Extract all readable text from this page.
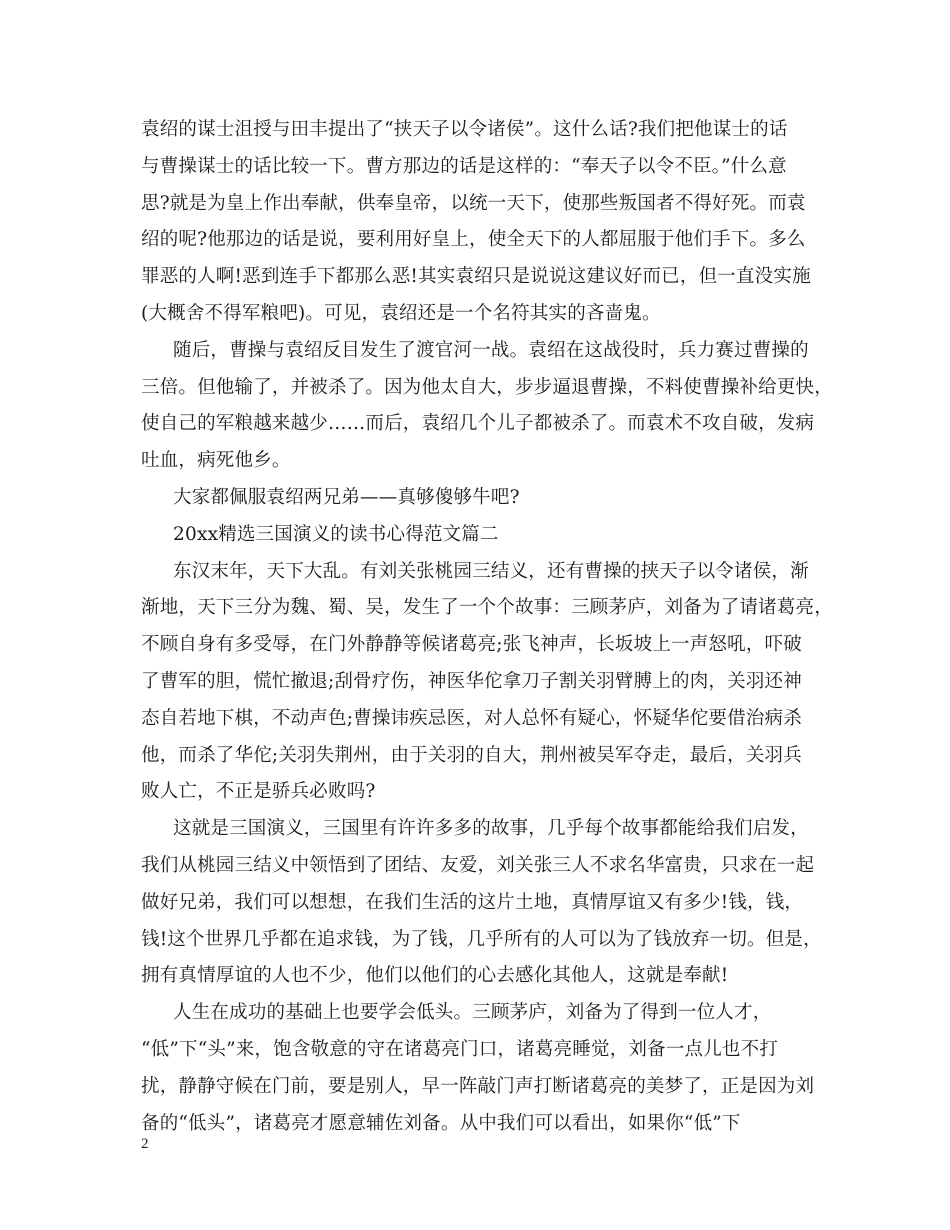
袁绍的谋士沮授与田丰提出了“挟天子以令诸侯”。这什么话?我们把他谋士的话
与曹操谋士的话比较一下。曹方那边的话是这样的：“奉天子以令不臣。”什么意
思?就是为皇上作出奉献，供奉皇帝，以统一天下，使那些叛国者不得好死。而袁
绍的呢?他那边的话是说，要利用好皇上，使全天下的人都屈服于他们手下。多么
罪恶的人啊!恶到连手下都那么恶!其实袁绍只是说说这建议好而已，但一直没实施
(大概舍不得军粮吧)。可见，袁绍还是一个名符其实的吝啬鬼。
随后，曹操与袁绍反目发生了渡官河一战。袁绍在这战役时，兵力赛过曹操的
三倍。但他输了，并被杀了。因为他太自大，步步逼退曹操，不料使曹操补给更快，
使自己的军粮越来越少……而后，袁绍几个儿子都被杀了。而袁术不攻自破，发病
吐血，病死他乡。
大家都佩服袁绍两兄弟——真够傻够牛吧?
20xx精选三国演义的读书心得范文篇二
东汉末年，天下大乱。有刘关张桃园三结义，还有曹操的挟天子以令诸侯，渐
渐地，天下三分为魏、蜀、吴，发生了一个个故事：三顾茅庐，刘备为了请诸葛亮，
不顾自身有多受辱，在门外静静等候诸葛亮;张飞神声，长坂坡上一声怒吼，吓破
了曹军的胆，慌忙撤退;刮骨疗伤，神医华佗拿刀子割关羽臂膊上的肉，关羽还神
态自若地下棋，不动声色;曹操讳疾忌医，对人总怀有疑心，怀疑华佗要借治病杀
他，而杀了华佗;关羽失荆州，由于关羽的自大，荆州被吴军夺走，最后，关羽兵
败人亡，不正是骄兵必败吗?
这就是三国演义，三国里有许许多多的故事，几乎每个故事都能给我们启发，
我们从桃园三结义中领悟到了团结、友爱，刘关张三人不求名华富贵，只求在一起
做好兄弟，我们可以想想，在我们生活的这片土地，真情厚谊又有多少!钱，钱，
钱!这个世界几乎都在追求钱，为了钱，几乎所有的人可以为了钱放弃一切。但是，
拥有真情厚谊的人也不少，他们以他们的心去感化其他人，这就是奉献!
人生在成功的基础上也要学会低头。三顾茅庐，刘备为了得到一位人才，
“低”下“头”来，饱含敬意的守在诸葛亮门口，诸葛亮睡觉，刘备一点儿也不打
扰，静静守候在门前，要是别人，早一阵敲门声打断诸葛亮的美梦了，正是因为刘
备的“低头”，诸葛亮才愿意辅佐刘备。从中我们可以看出，如果你“低”下
2
